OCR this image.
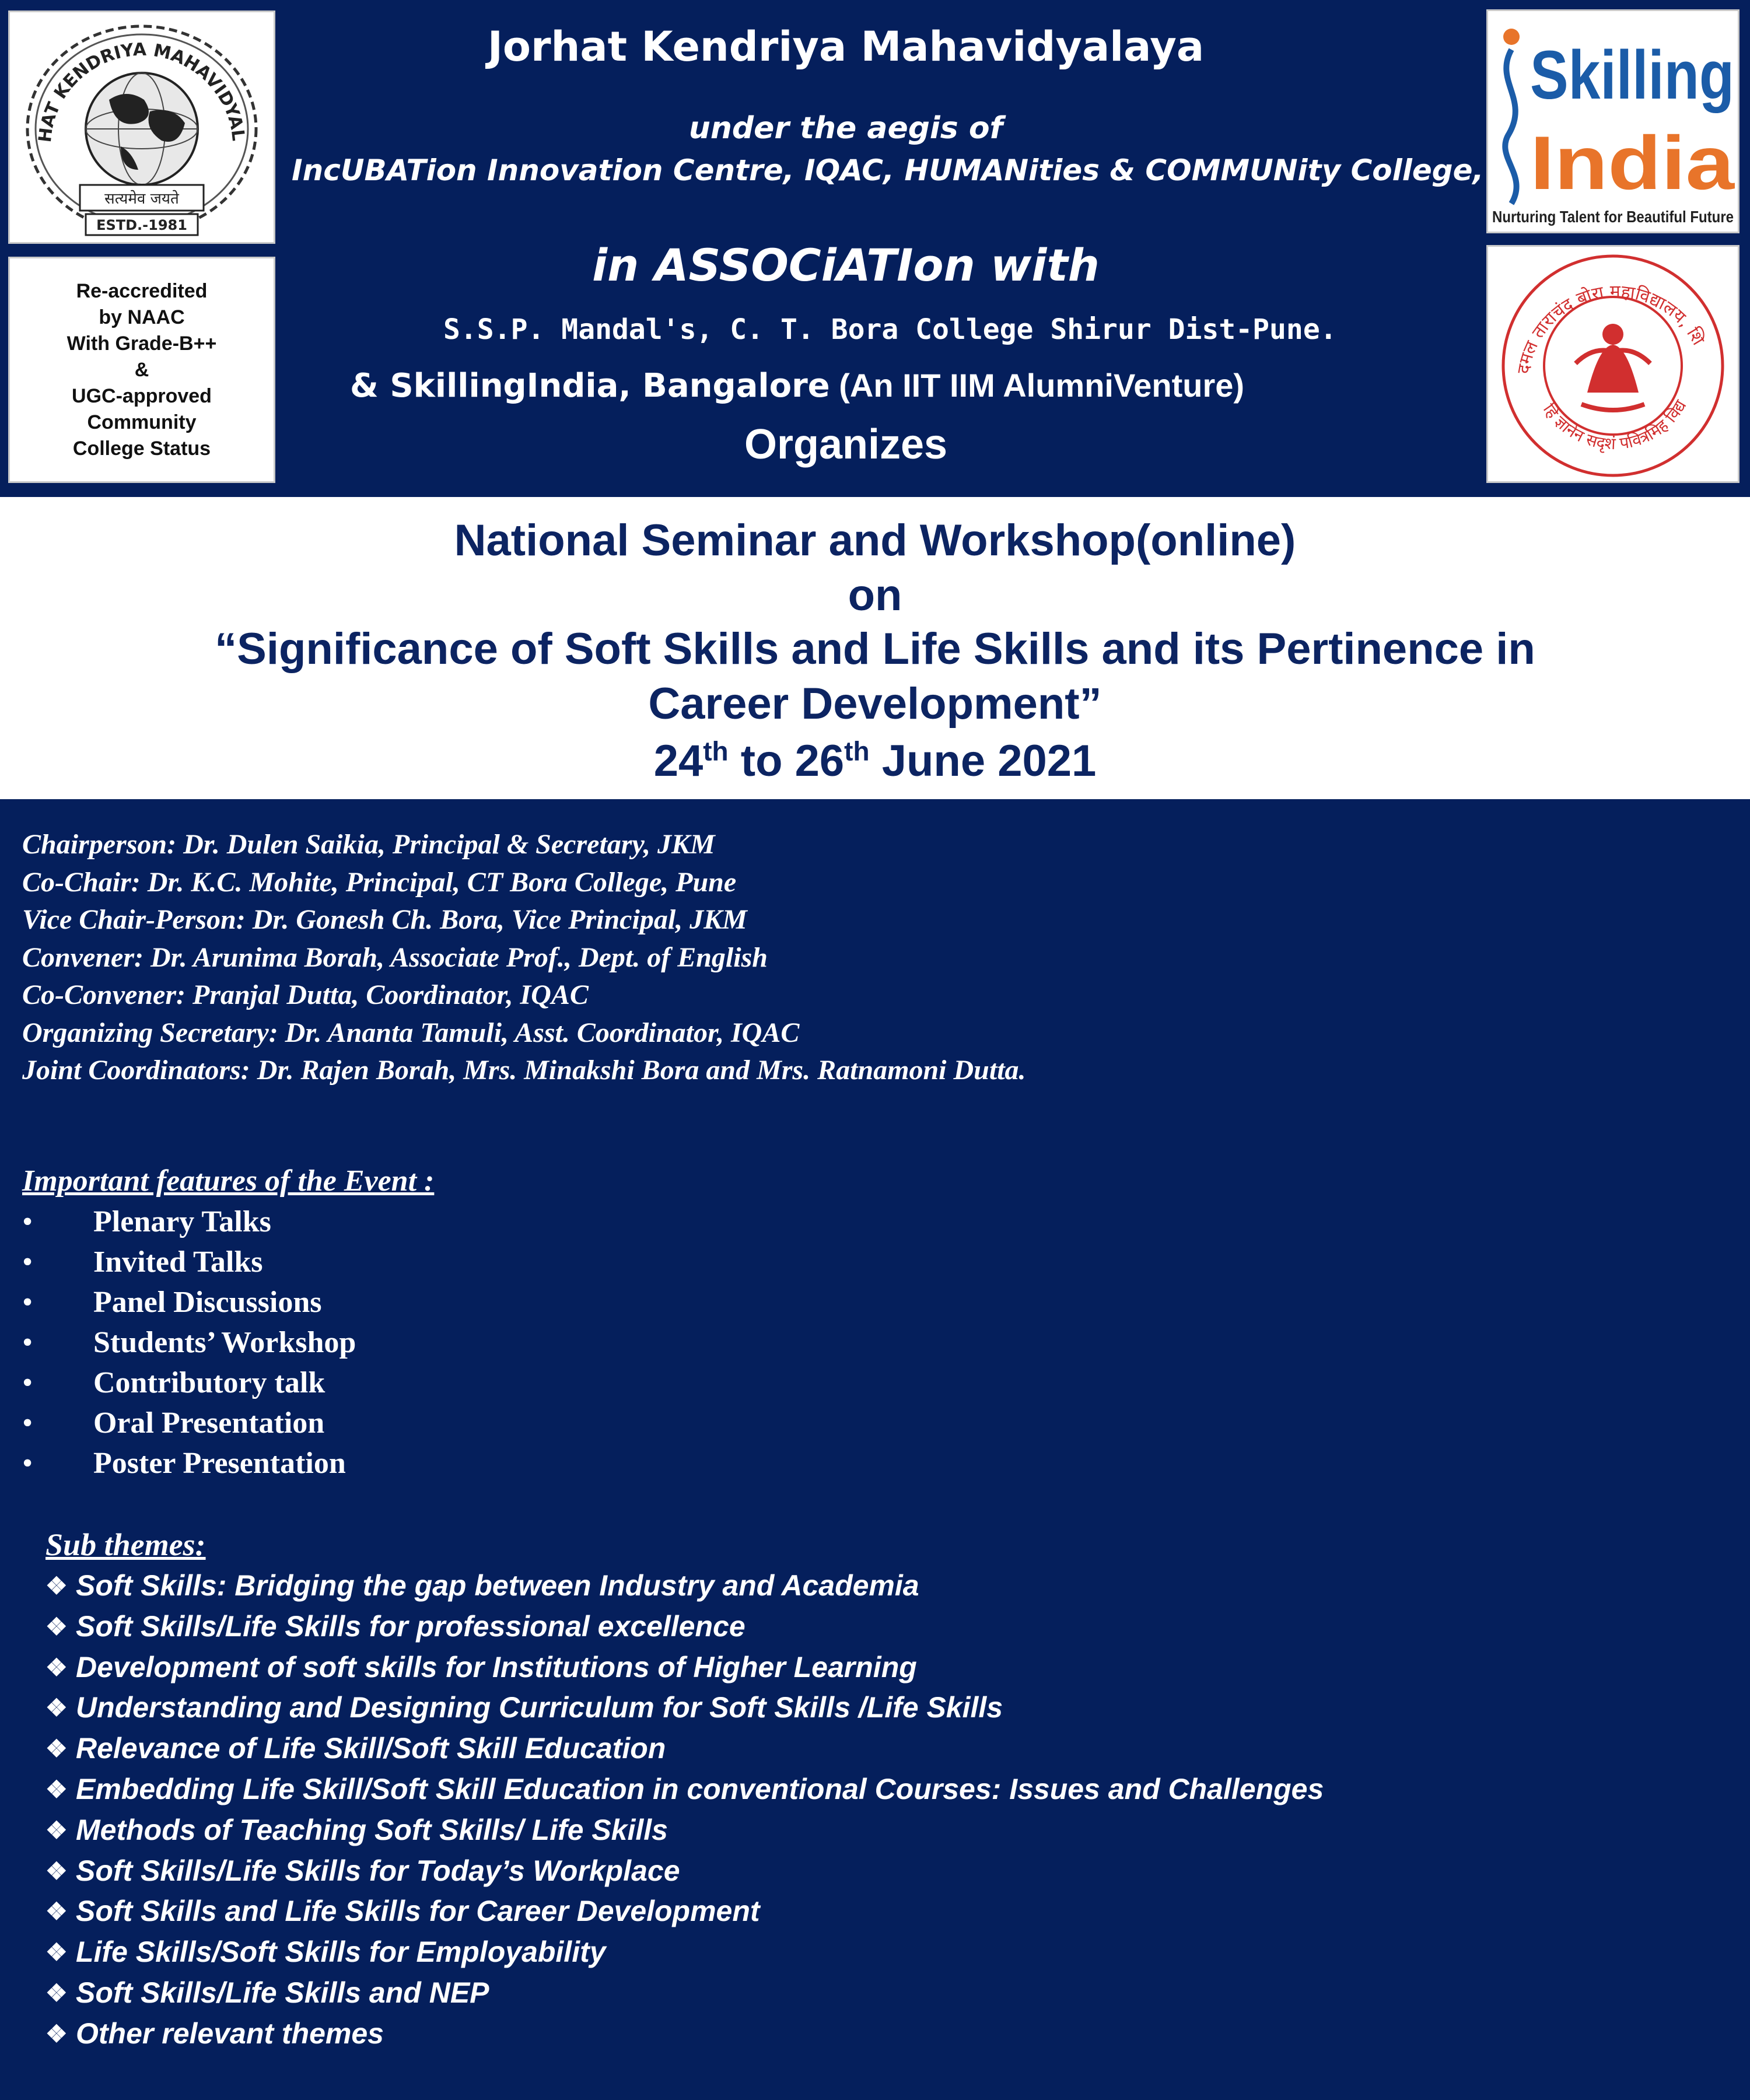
HAT KENDRIYA MAHAVIDYAL
सत्यमेव जयते
ESTD.-1981
Re-accredited
by NAAC
With Grade-B++
&
UGC-approved
Community
College Status
Skilling
India
Nurturing Talent for Beautiful Future
दमल ताराचंद बोरा महाविद्यालय, शि
हि ज्ञानेन सदृशं पवित्रमिह विद्य
Jorhat Kendriya Mahavidyalaya
under the aegis of
IncUBATion Innovation Centre, IQAC, HUMANities & COMMUNity College,
in ASSOCiATIon with
S.S.P. Mandal's, C. T. Bora College Shirur Dist-Pune.
& SkillingIndia, Bangalore (An IIT IIM AlumniVenture)
Organizes
National Seminar and Workshop(online)
on
“Significance of Soft Skills and Life Skills and its Pertinence in
Career Development”
24th to 26th June 2021
Chairperson: Dr. Dulen Saikia, Principal & Secretary, JKM
Co-Chair: Dr. K.C. Mohite, Principal, CT Bora College, Pune
Vice Chair-Person: Dr. Gonesh Ch. Bora, Vice Principal, JKM
Convener: Dr. Arunima Borah, Associate Prof., Dept. of English
Co-Convener: Pranjal Dutta, Coordinator, IQAC
Organizing Secretary: Dr. Ananta Tamuli, Asst. Coordinator, IQAC
Joint Coordinators: Dr. Rajen Borah, Mrs. Minakshi Bora and Mrs. Ratnamoni Dutta.
Important features of the Event :
•	Plenary Talks
•	Invited Talks
•	Panel Discussions
•	Students’ Workshop
•	Contributory talk
•	Oral Presentation
•	Poster Presentation
Sub themes:
❖ Soft Skills: Bridging the gap between Industry and Academia
❖ Soft Skills/Life Skills for professional excellence
❖ Development of soft skills for Institutions of Higher Learning
❖ Understanding and Designing Curriculum for Soft Skills /Life Skills
❖ Relevance of Life Skill/Soft Skill Education
❖ Embedding Life Skill/Soft Skill Education in conventional Courses: Issues and Challenges
❖ Methods of Teaching Soft Skills/ Life Skills
❖ Soft Skills/Life Skills for Today’s Workplace
❖ Soft Skills and Life Skills for Career Development
❖ Life Skills/Soft Skills for Employability
❖ Soft Skills/Life Skills and NEP
❖ Other relevant themes
